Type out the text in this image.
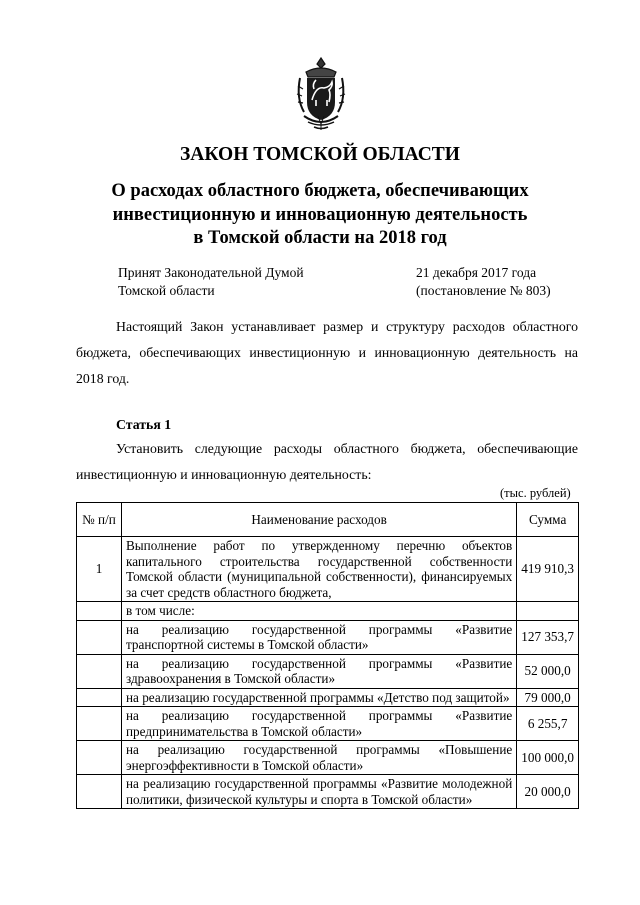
ЗАКОН ТОМСКОЙ ОБЛАСТИ
О расходах областного бюджета, обеспечивающих
инвестиционную и инновационную деятельность
в Томской области на 2018 год
Принят Законодательной Думой
Томской области
21 декабря 2017 года
(постановление № 803)
Настоящий Закон устанавливает размер и структуру расходов областного бюджета, обеспечивающих инвестиционную и инновационную деятельность на 2018 год.
Статья 1
Установить следующие расходы областного бюджета, обеспечивающие инвестиционную и инновационную деятельность:
(тыс. рублей)
№ п/п	Наименование расходов	Сумма
1	Выполнение работ по утвержденному перечню объектов капитального строительства государственной собственности Томской области (муниципальной собственности), финансируемых за счет средств областного бюджета,	419 910,3
	в том числе:	
	на реализацию государственной программы «Развитие транспортной системы в Томской области»	127 353,7
	на реализацию государственной программы «Развитие здравоохранения в Томской области»	52 000,0
	на реализацию государственной программы «Детство под защитой»	79 000,0
	на реализацию государственной программы «Развитие предпринимательства в Томской области»	6 255,7
	на реализацию государственной программы «Повышение энергоэффективности в Томской области»	100 000,0
	на реализацию государственной программы «Развитие молодежной политики, физической культуры и спорта в Томской области»	20 000,0
